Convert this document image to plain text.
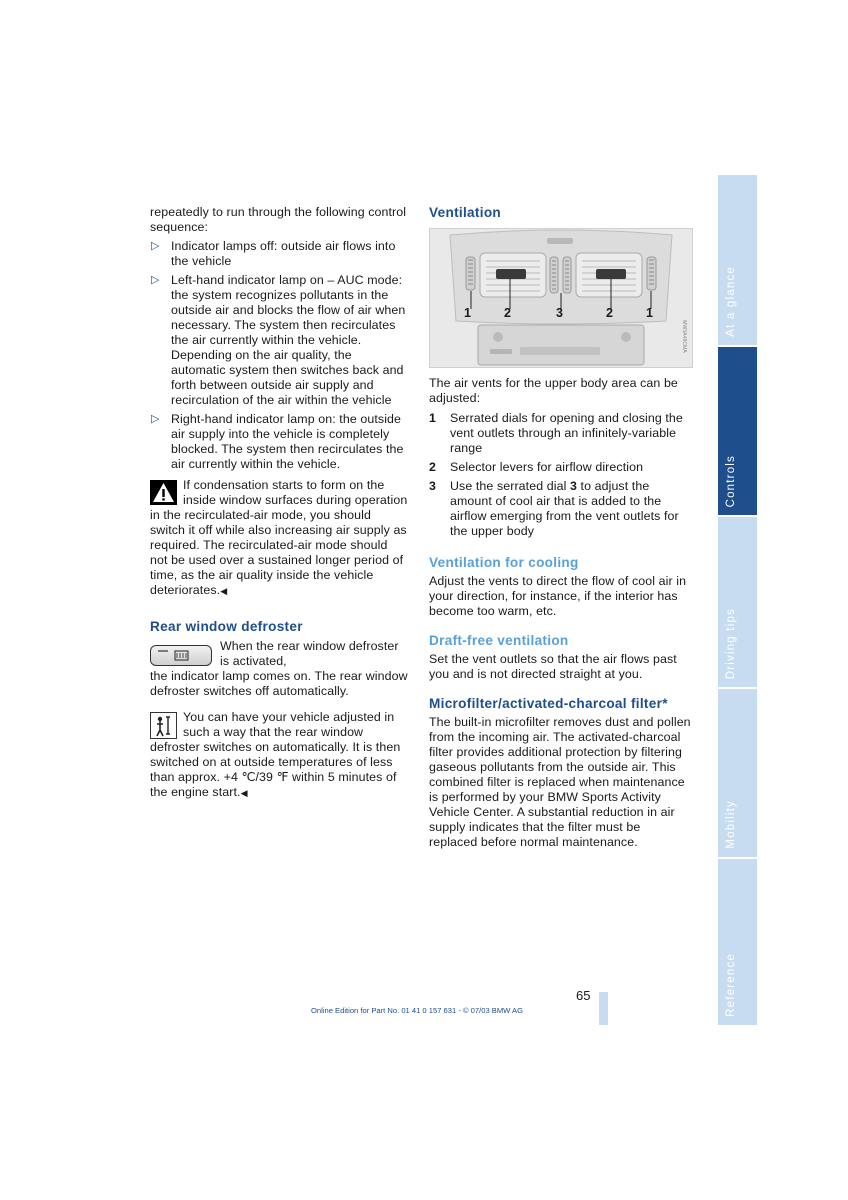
repeatedly to run through the following control sequence:

▷ Indicator lamps off: outside air flows into the vehicle
▷ Left-hand indicator lamp on – AUC mode: the system recognizes pollutants in the outside air and blocks the flow of air when necessary. The system then recirculates the air currently within the vehicle.
Depending on the air quality, the automatic system then switches back and forth between outside air supply and recirculation of the air within the vehicle
▷ Right-hand indicator lamp on: the outside air supply into the vehicle is completely blocked. The system then recirculates the air currently within the vehicle.
If condensation starts to form on the inside window surfaces during operation in the recirculated-air mode, you should switch it off while also increasing air supply as required. The recirculated-air mode should not be used over a sustained longer period of time, as the air quality inside the vehicle deteriorates.◀
Rear window defroster
When the rear window defroster is activated,
the indicator lamp comes on. The rear window defroster switches off automatically.
You can have your vehicle adjusted in such a way that the rear window defroster switches on automatically. It is then switched on at outside temperatures of less than approx. +4 ℃/39 ℉ within 5 minutes of the engine start.◀
Ventilation
1	2	3	2	1
MW3A48CMA

The air vents for the upper body area can be adjusted:

1 Serrated dials for opening and closing the vent outlets through an infinitely-variable range
2 Selector levers for airflow direction
3 Use the serrated dial 3 to adjust the amount of cool air that is added to the airflow emerging from the vent outlets for the upper body
Ventilation for cooling

Adjust the vents to direct the flow of cool air in your direction, for instance, if the interior has become too warm, etc.

Draft-free ventilation

Set the vent outlets so that the air flows past you and is not directed straight at you.

Microfilter/activated-charcoal filter*

The built-in microfilter removes dust and pollen from the incoming air. The activated-charcoal filter provides additional protection by filtering gaseous pollutants from the outside air. This combined filter is replaced when maintenance is performed by your BMW Sports Activity Vehicle Center. A substantial reduction in air supply indicates that the filter must be replaced before normal maintenance.

At a glance
Controls
Driving tips
Mobility
Reference
65
Online Edition for Part No. 01 41 0 157 631 - © 07/03 BMW AG
